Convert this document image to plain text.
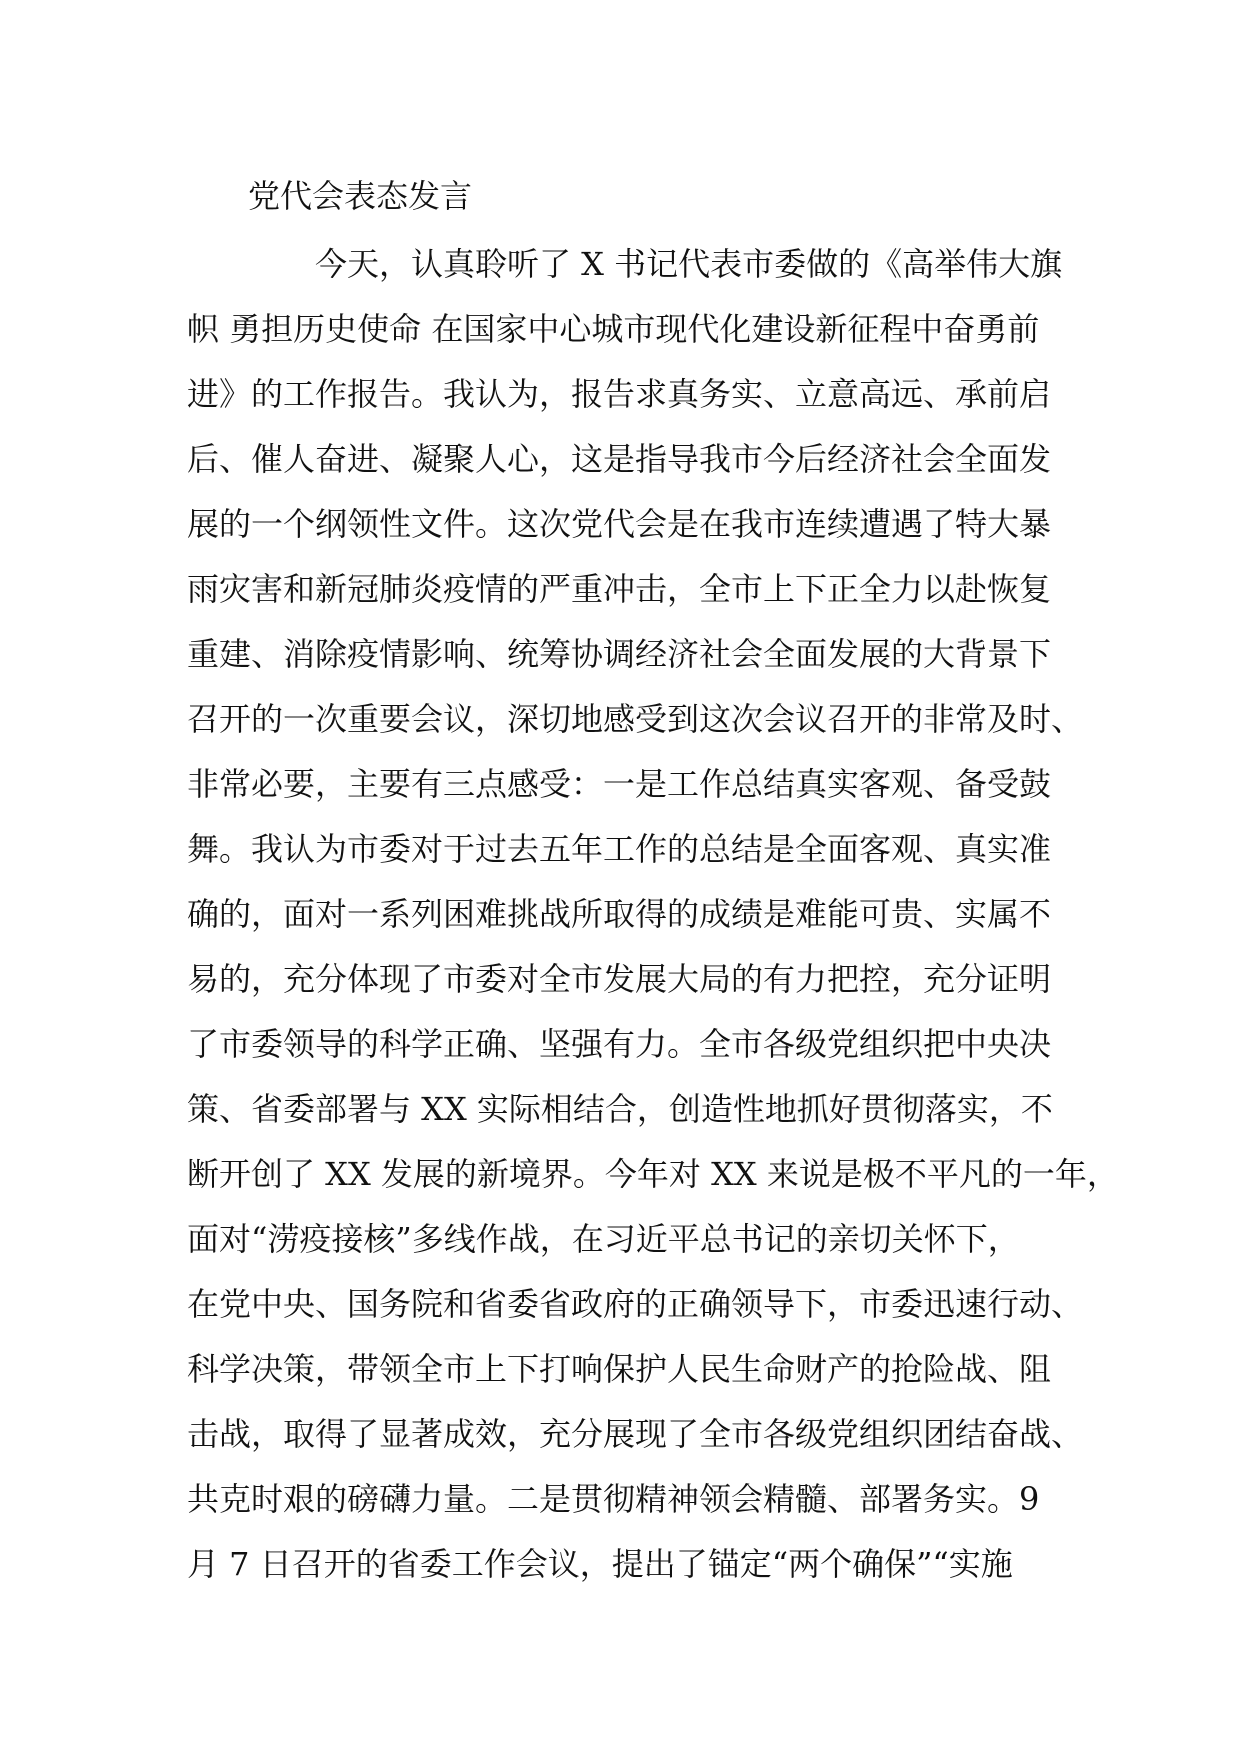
党代会表态发言
今天，认真聆听了 X 书记代表市委做的《高举伟大旗
帜 勇担历史使命 在国家中心城市现代化建设新征程中奋勇前
进》的工作报告。我认为，报告求真务实、立意高远、承前启
后、催人奋进、凝聚人心，这是指导我市今后经济社会全面发
展的一个纲领性文件。这次党代会是在我市连续遭遇了特大暴
雨灾害和新冠肺炎疫情的严重冲击，全市上下正全力以赴恢复
重建、消除疫情影响、统筹协调经济社会全面发展的大背景下
召开的一次重要会议，深切地感受到这次会议召开的非常及时、
非常必要，主要有三点感受：一是工作总结真实客观、备受鼓
舞。我认为市委对于过去五年工作的总结是全面客观、真实准
确的，面对一系列困难挑战所取得的成绩是难能可贵、实属不
易的，充分体现了市委对全市发展大局的有力把控，充分证明
了市委领导的科学正确、坚强有力。全市各级党组织把中央决
策、省委部署与 XX 实际相结合，创造性地抓好贯彻落实，不
断开创了 XX 发展的新境界。今年对 XX 来说是极不平凡的一年，
面对“涝疫接核”多线作战，在习近平总书记的亲切关怀下，
在党中央、国务院和省委省政府的正确领导下，市委迅速行动、
科学决策，带领全市上下打响保护人民生命财产的抢险战、阻
击战，取得了显著成效，充分展现了全市各级党组织团结奋战、
共克时艰的磅礴力量。二是贯彻精神领会精髓、部署务实。9
月 7 日召开的省委工作会议，提出了锚定“两个确保”“实施
